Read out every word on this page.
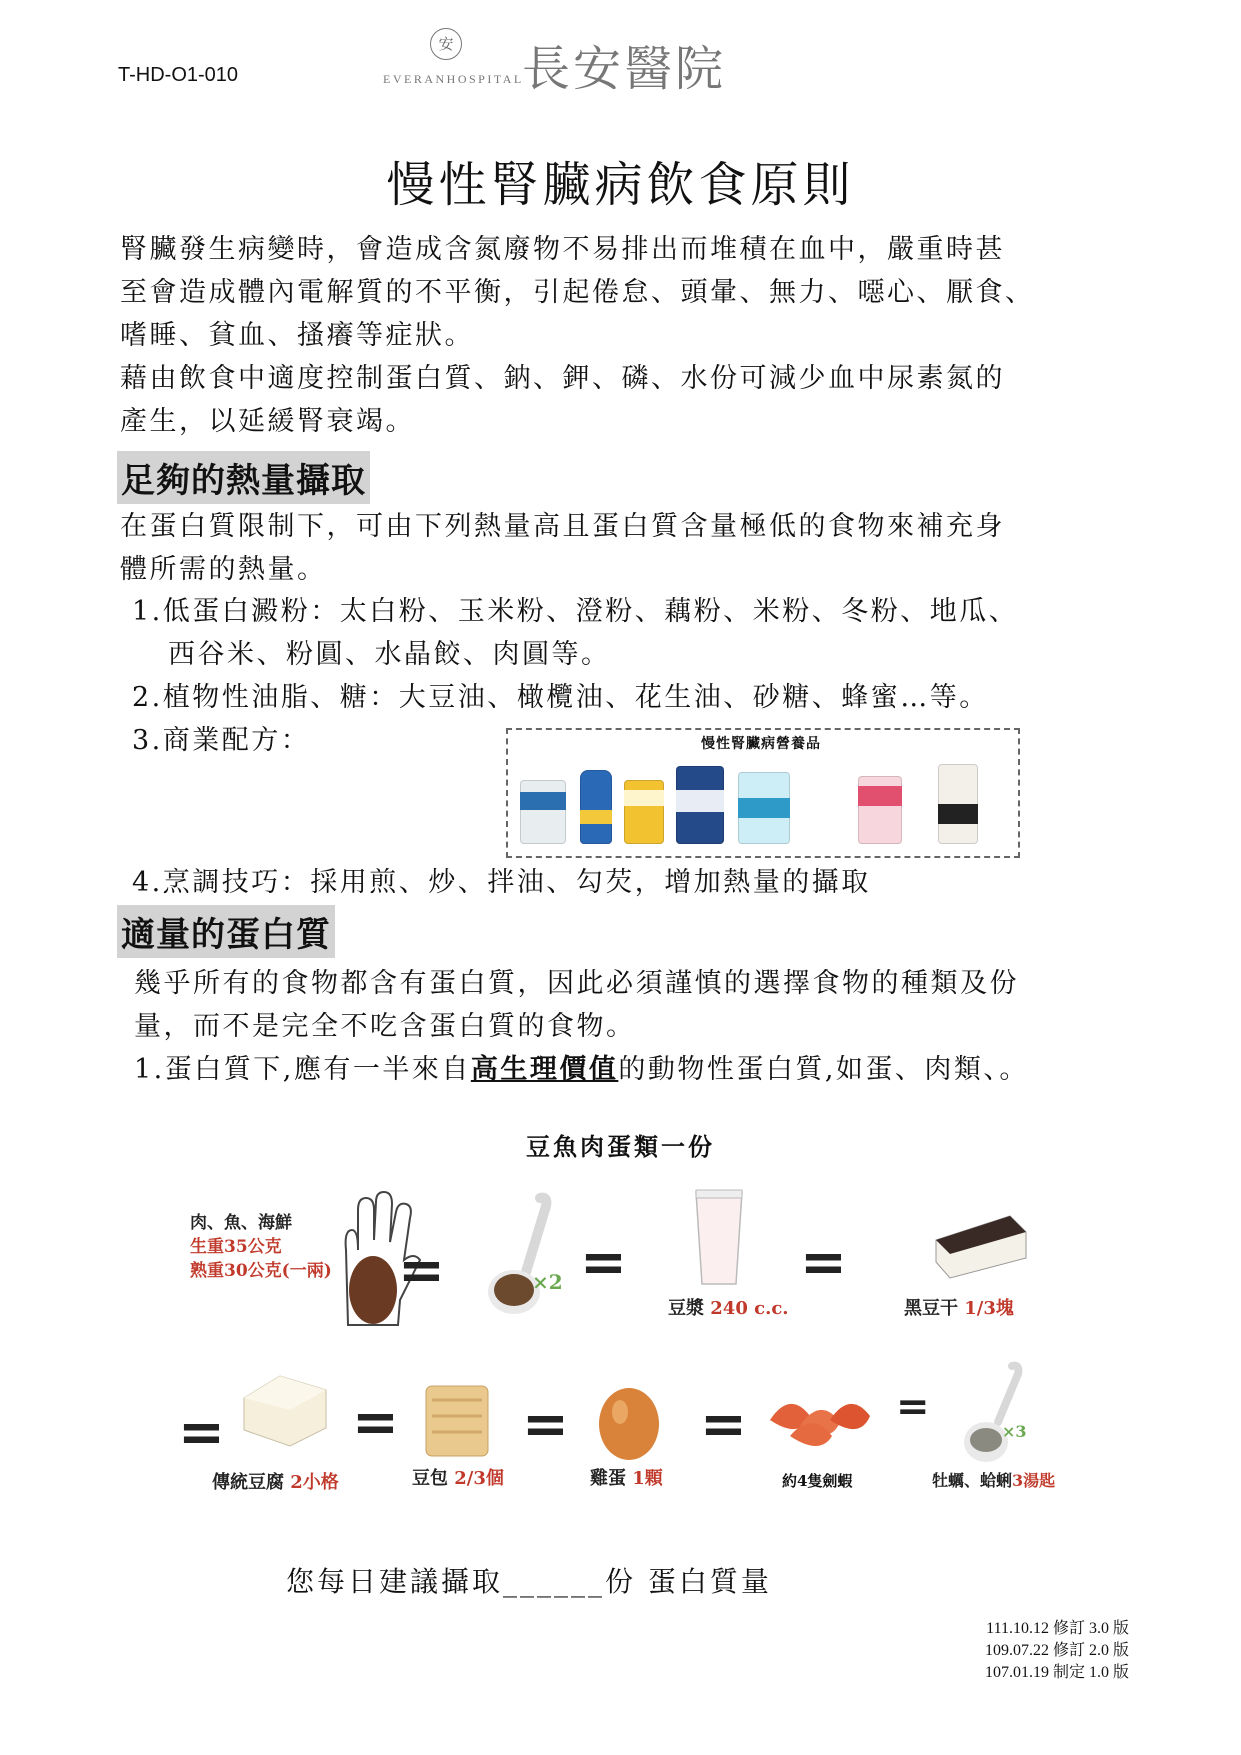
T-HD-O1-010
安
EVERANHOSPITAL
長安醫院
慢性腎臟病飲食原則
腎臟發生病變時，會造成含氮廢物不易排出而堆積在血中，嚴重時甚
至會造成體內電解質的不平衡，引起倦怠、頭暈、無力、噁心、厭食、
嗜睡、貧血、搔癢等症狀。
藉由飲食中適度控制蛋白質、鈉、鉀、磷、水份可減少血中尿素氮的
產生，以延緩腎衰竭。
足夠的熱量攝取
在蛋白質限制下，可由下列熱量高且蛋白質含量極低的食物來補充身
體所需的熱量。
1.低蛋白澱粉：太白粉、玉米粉、澄粉、藕粉、米粉、冬粉、地瓜、
西谷米、粉圓、水晶餃、肉圓等。
2.植物性油脂、糖：大豆油、橄欖油、花生油、砂糖、蜂蜜…等。
3.商業配方：	慢性腎臟病營養品
4.烹調技巧：採用煎、炒、拌油、勾芡，增加熱量的攝取
適量的蛋白質
幾乎所有的食物都含有蛋白質，因此必須謹慎的選擇食物的種類及份
量，而不是完全不吃含蛋白質的食物。
1.蛋白質下,應有一半來自高生理價值的動物性蛋白質,如蛋、肉類、。
豆魚肉蛋類一份
肉、魚、海鮮
生重35公克
熟重30公克(一兩) =	×2 =
豆漿 240 c.c.
=
黑豆干 1/3塊
=
傳統豆腐 2小格
=
豆包 2/3個
=
雞蛋 1顆
=
約4隻劍蝦
=
×3
牡蠣、蛤蜊3湯匙
您每日建議攝取______份 蛋白質量
111.10.12 修訂 3.0 版
109.07.22 修訂 2.0 版
107.01.19 制定 1.0 版
